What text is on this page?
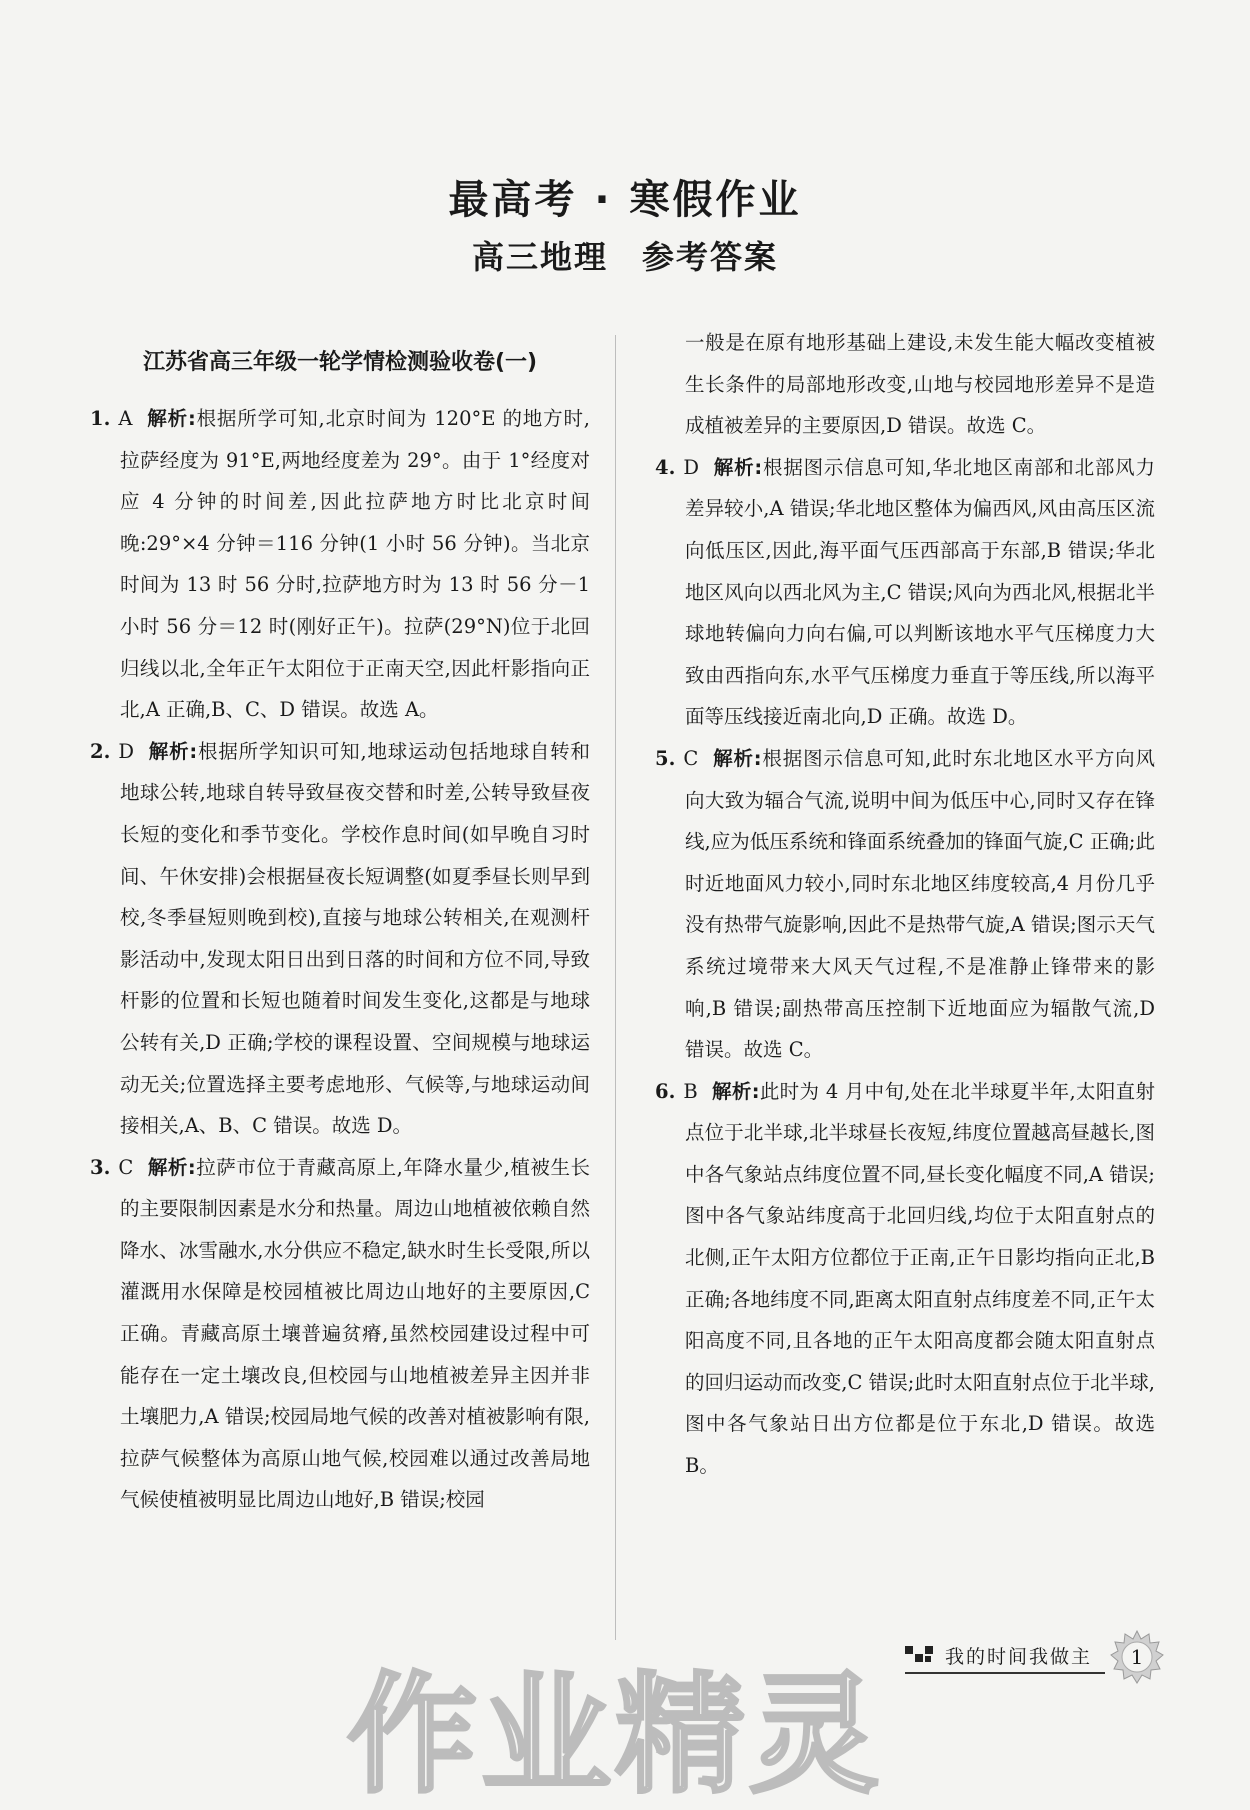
最高考 · 寒假作业
高三地理　参考答案
江苏省高三年级一轮学情检测验收卷(一)

1. A 解析:根据所学可知,北京时间为 120°E 的地方时,拉萨经度为 91°E,两地经度差为 29°。由于 1°经度对应 4 分钟的时间差,因此拉萨地方时比北京时间晚:29°×4 分钟＝116 分钟(1 小时 56 分钟)。当北京时间为 13 时 56 分时,拉萨地方时为 13 时 56 分－1 小时 56 分＝12 时(刚好正午)。拉萨(29°N)位于北回归线以北,全年正午太阳位于正南天空,因此杆影指向正北,A 正确,B、C、D 错误。故选 A。

2. D 解析:根据所学知识可知,地球运动包括地球自转和地球公转,地球自转导致昼夜交替和时差,公转导致昼夜长短的变化和季节变化。学校作息时间(如早晚自习时间、午休安排)会根据昼夜长短调整(如夏季昼长则早到校,冬季昼短则晚到校),直接与地球公转相关,在观测杆影活动中,发现太阳日出到日落的时间和方位不同,导致杆影的位置和长短也随着时间发生变化,这都是与地球公转有关,D 正确;学校的课程设置、空间规模与地球运动无关;位置选择主要考虑地形、气候等,与地球运动间接相关,A、B、C 错误。故选 D。

3. C 解析:拉萨市位于青藏高原上,年降水量少,植被生长的主要限制因素是水分和热量。周边山地植被依赖自然降水、冰雪融水,水分供应不稳定,缺水时生长受限,所以灌溉用水保障是校园植被比周边山地好的主要原因,C 正确。青藏高原土壤普遍贫瘠,虽然校园建设过程中可能存在一定土壤改良,但校园与山地植被差异主因并非土壤肥力,A 错误;校园局地气候的改善对植被影响有限,拉萨气候整体为高原山地气候,校园难以通过改善局地气候使植被明显比周边山地好,B 错误;校园

一般是在原有地形基础上建设,未发生能大幅改变植被生长条件的局部地形改变,山地与校园地形差异不是造成植被差异的主要原因,D 错误。故选 C。

4. D 解析:根据图示信息可知,华北地区南部和北部风力差异较小,A 错误;华北地区整体为偏西风,风由高压区流向低压区,因此,海平面气压西部高于东部,B 错误;华北地区风向以西北风为主,C 错误;风向为西北风,根据北半球地转偏向力向右偏,可以判断该地水平气压梯度力大致由西指向东,水平气压梯度力垂直于等压线,所以海平面等压线接近南北向,D 正确。故选 D。

5. C 解析:根据图示信息可知,此时东北地区水平方向风向大致为辐合气流,说明中间为低压中心,同时又存在锋线,应为低压系统和锋面系统叠加的锋面气旋,C 正确;此时近地面风力较小,同时东北地区纬度较高,4 月份几乎没有热带气旋影响,因此不是热带气旋,A 错误;图示天气系统过境带来大风天气过程,不是准静止锋带来的影响,B 错误;副热带高压控制下近地面应为辐散气流,D 错误。故选 C。

6. B 解析:此时为 4 月中旬,处在北半球夏半年,太阳直射点位于北半球,北半球昼长夜短,纬度位置越高昼越长,图中各气象站点纬度位置不同,昼长变化幅度不同,A 错误;图中各气象站纬度高于北回归线,均位于太阳直射点的北侧,正午太阳方位都位于正南,正午日影均指向正北,B 正确;各地纬度不同,距离太阳直射点纬度差不同,正午太阳高度不同,且各地的正午太阳高度都会随太阳直射点的回归运动而改变,C 错误;此时太阳直射点位于北半球,图中各气象站日出方位都是位于东北,D 错误。故选 B。

我的时间我做主	1
作业精灵
